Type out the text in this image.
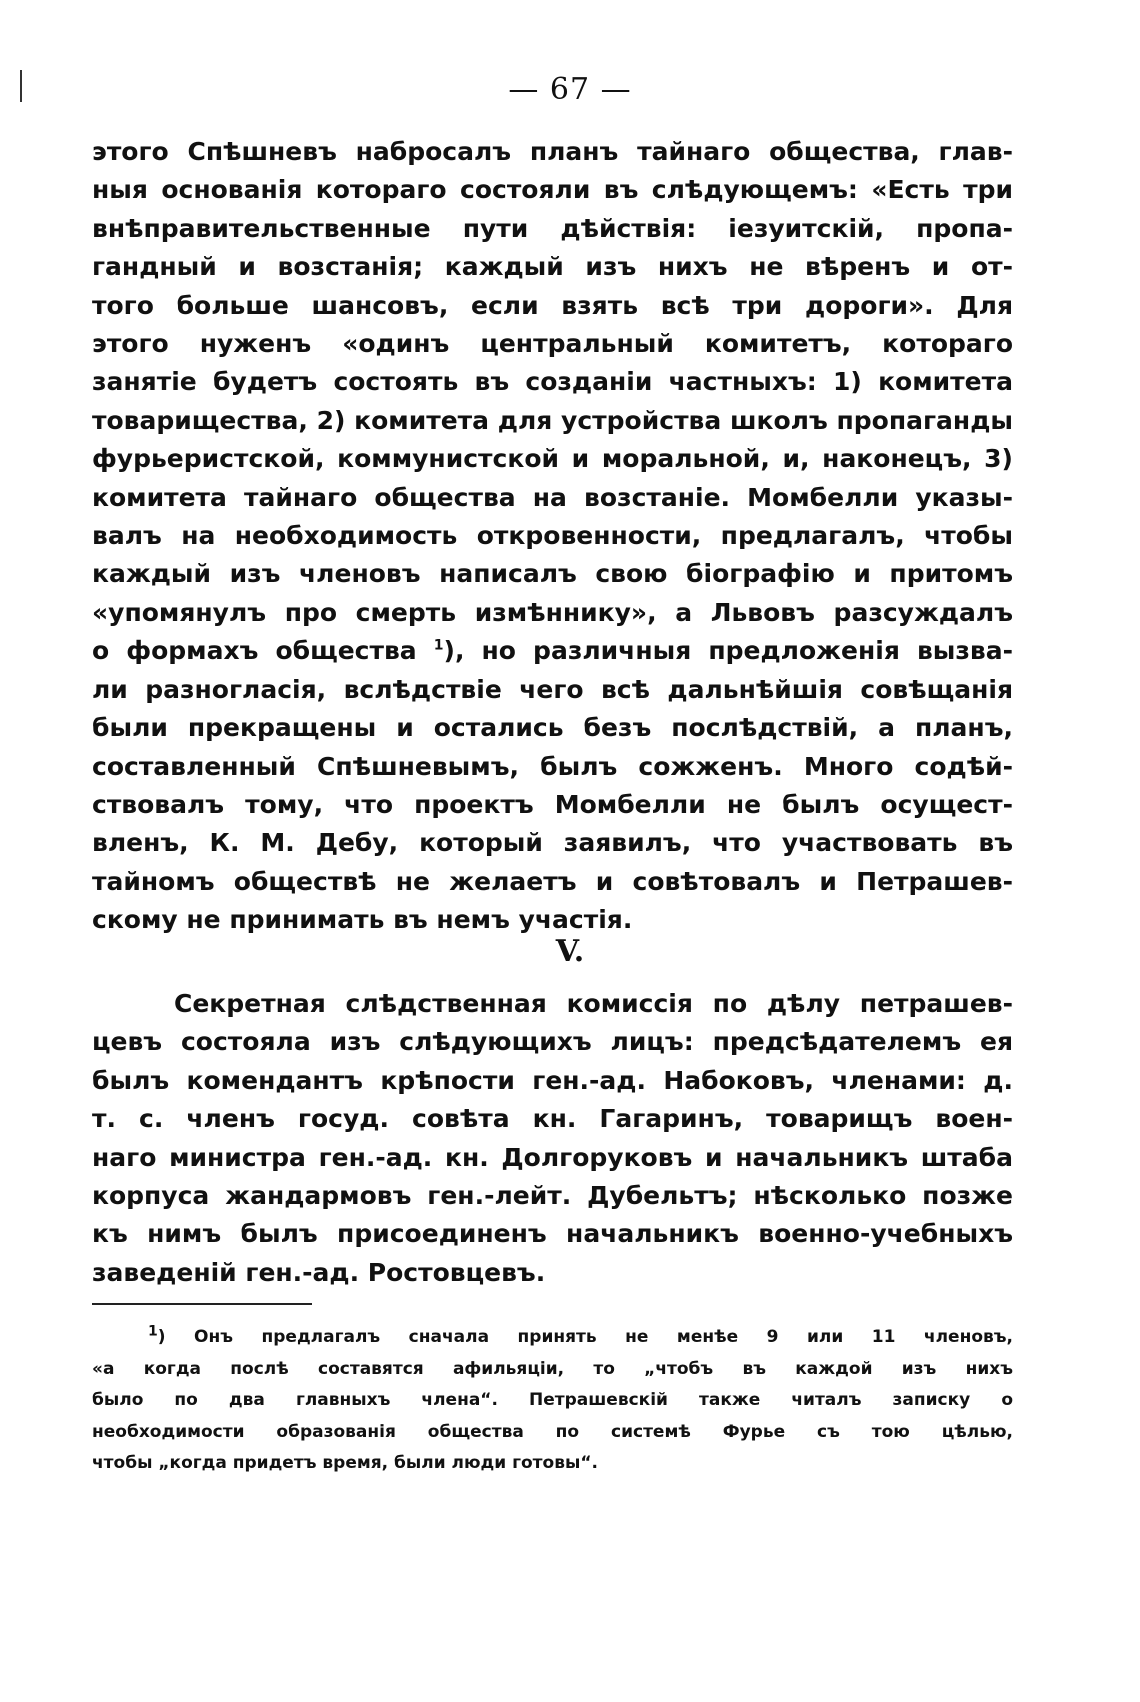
— 67 —
этого Спѣшневъ набросалъ планъ тайнаго общества, глав-
ныя основанія котораго состояли въ слѣдующемъ: «Есть три
внѣправительственные пути дѣйствія: іезуитскій, пропа-
гандный и возстанія; каждый изъ нихъ не вѣренъ и от-
того больше шансовъ, если взять всѣ три дороги». Для
этого нуженъ «одинъ центральный комитетъ, котораго
занятіе будетъ состоять въ созданіи частныхъ: 1) комитета
товарищества, 2) комитета для устройства школъ пропаганды
фурьеристской, коммунистской и моральной, и, наконецъ, 3)
комитета тайнаго общества на возстаніе. Момбелли указы-
валъ на необходимость откровенности, предлагалъ, чтобы
каждый изъ членовъ написалъ свою біографію и притомъ
«упомянулъ про смерть измѣннику», а Львовъ разсуждалъ
о формахъ общества $^1$), но различныя предложенія вызва-
ли разногласія, вслѣдствіе чего всѣ дальнѣйшія совѣщанія
были прекращены и остались безъ послѣдствій, а планъ,
составленный Спѣшневымъ, былъ сожженъ. Много содѣй-
ствовалъ тому, что проектъ Момбелли не былъ осущест-
вленъ, К. М. Дебу, который заявилъ, что участвовать въ
тайномъ обществѣ не желаетъ и совѣтовалъ и Петрашев-
скому не принимать въ немъ участія.
V.
Секретная слѣдственная комиссія по дѣлу петрашев-
цевъ состояла изъ слѣдующихъ лицъ: предсѣдателемъ ея
былъ комендантъ крѣпости ген.-ад. Набоковъ, членами: д.
т. с. членъ госуд. совѣта кн. Гагаринъ, товарищъ воен-
наго министра ген.-ад. кн. Долгоруковъ и начальникъ штаба
корпуса жандармовъ ген.-лейт. Дубельтъ; нѣсколько позже
къ нимъ былъ присоединенъ начальникъ военно-учебныхъ
заведеній ген.-ад. Ростовцевъ.
$^1$) Онъ предлагалъ сначала принять не менѣе 9 или 11 членовъ,
«а когда послѣ составятся афильяціи, то „чтобъ въ каждой изъ нихъ
было по два главныхъ члена“. Петрашевскій также читалъ записку о
необходимости образованія общества по системѣ Фурье съ тою цѣлью,
чтобы „когда придетъ время, были люди готовы“.
